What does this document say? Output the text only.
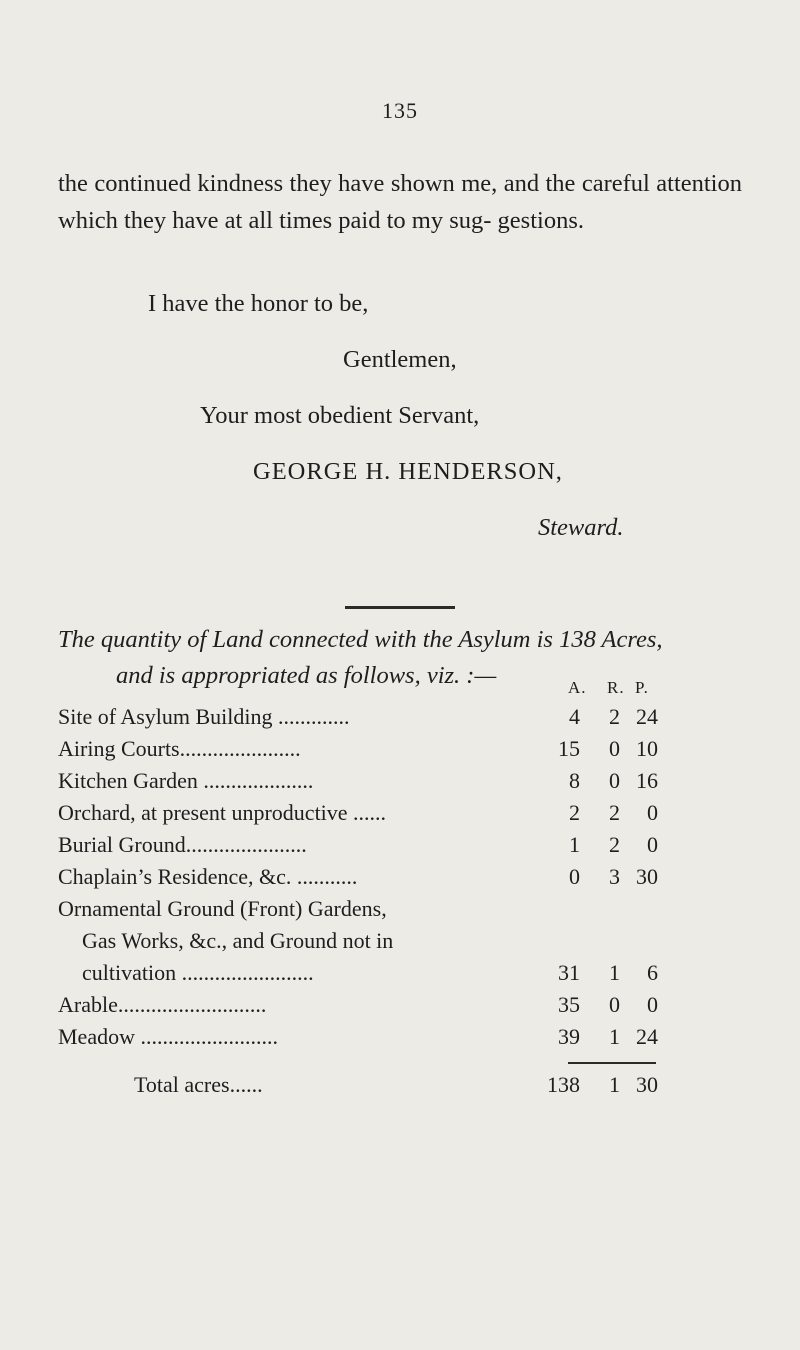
135
the continued kindness they have shown me, and the careful attention which they have at all times paid to my sug- gestions.
I have the honor to be,
Gentlemen,
Your most obedient Servant,
GEORGE H. HENDERSON,
Steward.
The quantity of Land connected with the Asylum is 138 Acres,
and is appropriated as follows, viz. :—	A. R. P.
Site of Asylum Building .............	4 2 24
Airing Courts......................	15 0 10
Kitchen Garden ....................	8 0 16
Orchard, at present unproductive ......	2 2 0
Burial Ground......................	1 2 0
Chaplain’s Residence, &c. ...........	0 3 30
Ornamental Ground (Front) Gardens,
Gas Works, &c., and Ground not in
cultivation ........................	31 1 6
Arable...........................	35 0 0
Meadow .........................	39 1 24
Total acres......	138 1 30
